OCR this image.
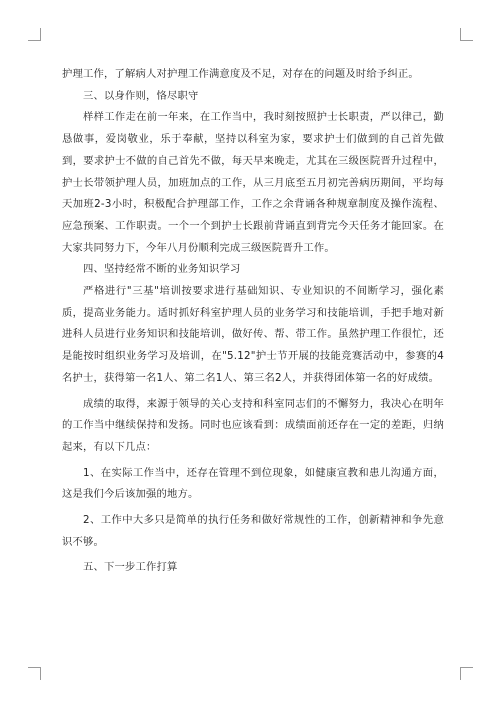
护理工作，了解病人对护理工作满意度及不足，对存在的问题及时给予纠正。

三、以身作则，恪尽职守

样样工作走在前一年来，在工作当中，我时刻按照护士长职责，严以律己，勤恳做事，爱岗敬业，乐于奉献，坚持以科室为家，要求护士们做到的自己首先做到，要求护士不做的自己首先不做，每天早来晚走，尤其在三级医院晋升过程中，护士长带领护理人员，加班加点的工作，从三月底至五月初完善病历期间，平均每天加班2-3小时，积极配合护理部工作，工作之余背诵各种规章制度及操作流程、应急预案、工作职责。一个一个到护士长跟前背诵直到背完今天任务才能回家。在大家共同努力下，今年八月份顺利完成三级医院晋升工作。

四、坚持经常不断的业务知识学习

严格进行"三基"培训按要求进行基础知识、专业知识的不间断学习，强化素质，提高业务能力。适时抓好科室护理人员的业务学习和技能培训，手把手地对新进科人员进行业务知识和技能培训，做好传、帮、带工作。虽然护理工作很忙，还是能按时组织业务学习及培训，在"5.12"护士节开展的技能竞赛活动中，参赛的4名护士，获得第一名1人、第二名1人、第三名2人，并获得团体第一名的好成绩。

成绩的取得，来源于领导的关心支持和科室同志们的不懈努力，我决心在明年的工作当中继续保持和发扬。同时也应该看到：成绩面前还存在一定的差距，归纳起来，有以下几点：

1、在实际工作当中，还存在管理不到位现象，如健康宣教和患儿沟通方面，这是我们今后该加强的地方。

2、工作中大多只是简单的执行任务和做好常规性的工作，创新精神和争先意识不够。

五、下一步工作打算
